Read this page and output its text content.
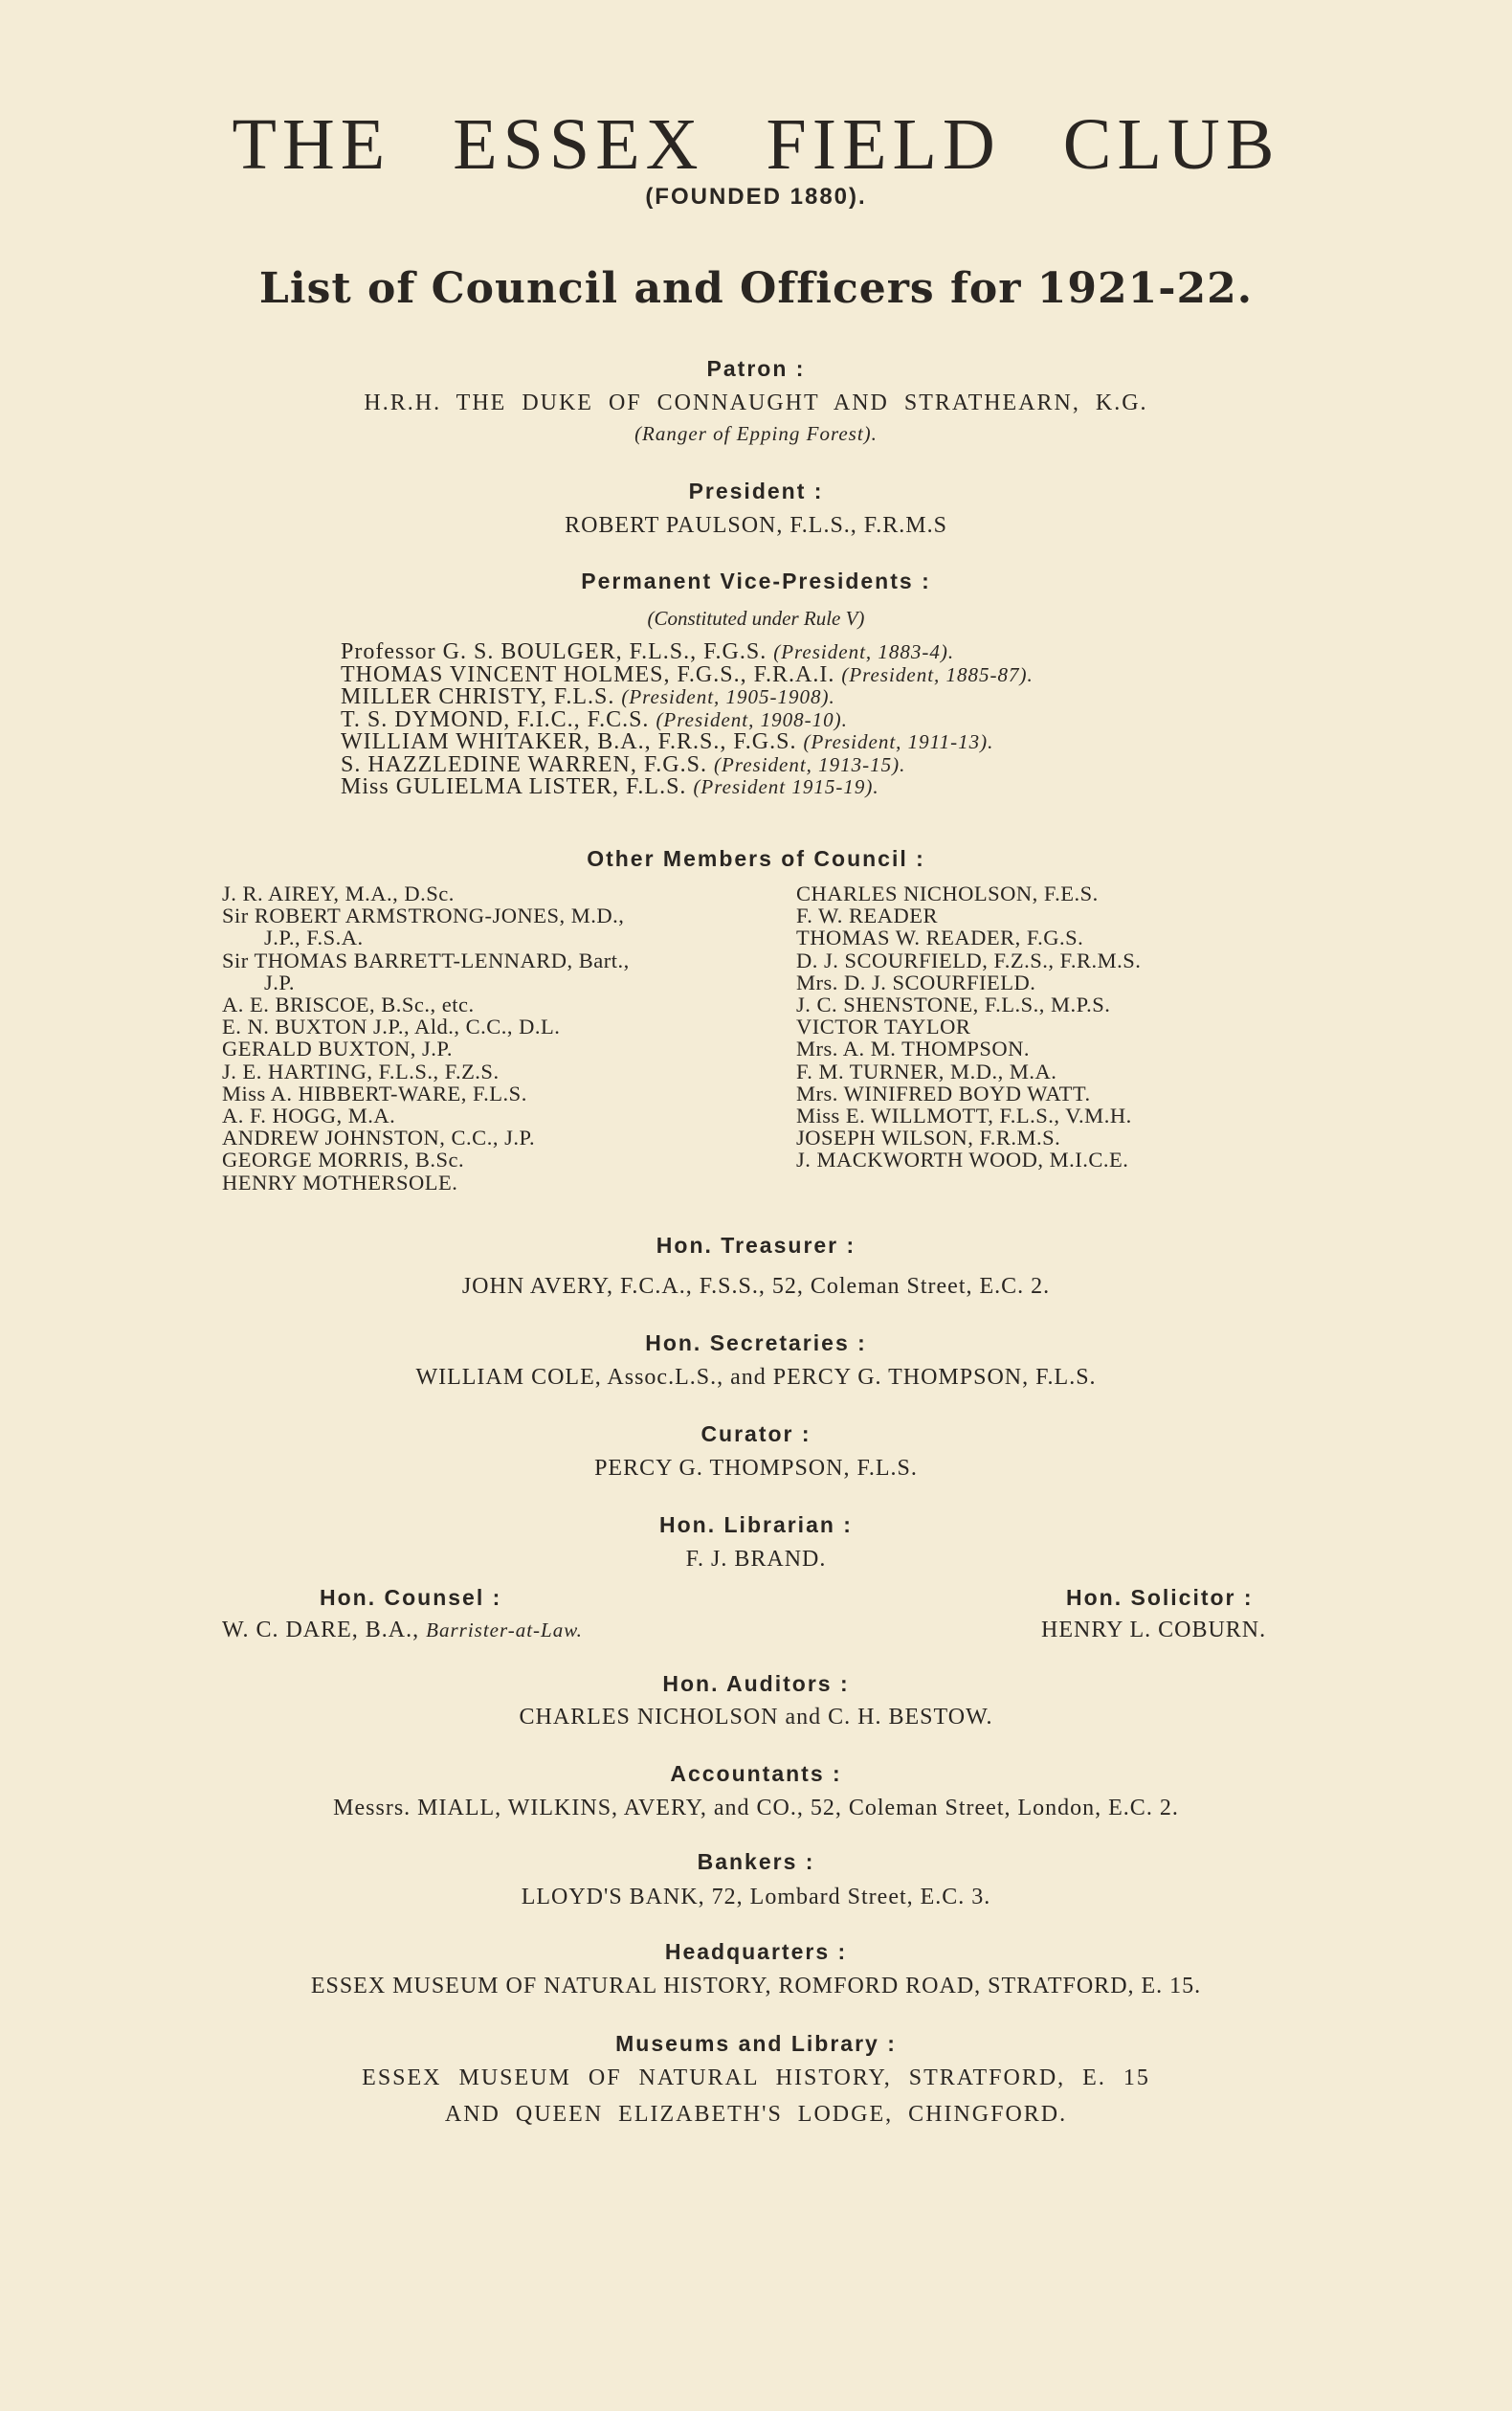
THE ESSEX FIELD CLUB
(FOUNDED 1880).
List of Council and Officers for 1921-22.
Patron :
H.R.H. THE DUKE OF CONNAUGHT AND STRATHEARN, K.G.
(Ranger of Epping Forest).
President :
ROBERT PAULSON, F.L.S., F.R.M.S
Permanent Vice-Presidents :
(Constituted under Rule V)
Professor G. S. BOULGER, F.L.S., F.G.S. (President, 1883-4).
THOMAS VINCENT HOLMES, F.G.S., F.R.A.I. (President, 1885-87).
MILLER CHRISTY, F.L.S. (President, 1905-1908).
T. S. DYMOND, F.I.C., F.C.S. (President, 1908-10).
WILLIAM WHITAKER, B.A., F.R.S., F.G.S. (President, 1911-13).
S. HAZZLEDINE WARREN, F.G.S. (President, 1913-15).
Miss GULIELMA LISTER, F.L.S. (President 1915-19).
Other Members of Council :
J. R. AIREY, M.A., D.Sc.
Sir ROBERT ARMSTRONG-JONES, M.D.,
J.P., F.S.A.
Sir THOMAS BARRETT-LENNARD, Bart.,
J.P.
A. E. BRISCOE, B.Sc., etc.
E. N. BUXTON J.P., Ald., C.C., D.L.
GERALD BUXTON, J.P.
J. E. HARTING, F.L.S., F.Z.S.
Miss A. HIBBERT-WARE, F.L.S.
A. F. HOGG, M.A.
ANDREW JOHNSTON, C.C., J.P.
GEORGE MORRIS, B.Sc.
HENRY MOTHERSOLE.
CHARLES NICHOLSON, F.E.S.
F. W. READER
THOMAS W. READER, F.G.S.
D. J. SCOURFIELD, F.Z.S., F.R.M.S.
Mrs. D. J. SCOURFIELD.
J. C. SHENSTONE, F.L.S., M.P.S.
VICTOR TAYLOR
Mrs. A. M. THOMPSON.
F. M. TURNER, M.D., M.A.
Mrs. WINIFRED BOYD WATT.
Miss E. WILLMOTT, F.L.S., V.M.H.
JOSEPH WILSON, F.R.M.S.
J. MACKWORTH WOOD, M.I.C.E.
Hon. Treasurer :
JOHN AVERY, F.C.A., F.S.S., 52, Coleman Street, E.C. 2.
Hon. Secretaries :
WILLIAM COLE, Assoc.L.S., and PERCY G. THOMPSON, F.L.S.
Curator :
PERCY G. THOMPSON, F.L.S.
Hon. Librarian :
F. J. BRAND.
Hon. Counsel :
W. C. DARE, B.A., Barrister-at-Law.
Hon. Solicitor :
HENRY L. COBURN.
Hon. Auditors :
CHARLES NICHOLSON and C. H. BESTOW.
Accountants :
Messrs. MIALL, WILKINS, AVERY, and CO., 52, Coleman Street, London, E.C. 2.
Bankers :
LLOYD'S BANK, 72, Lombard Street, E.C. 3.
Headquarters :
ESSEX MUSEUM OF NATURAL HISTORY, ROMFORD ROAD, STRATFORD, E. 15.
Museums and Library :
ESSEX MUSEUM OF NATURAL HISTORY, STRATFORD, E. 15
AND QUEEN ELIZABETH'S LODGE, CHINGFORD.
